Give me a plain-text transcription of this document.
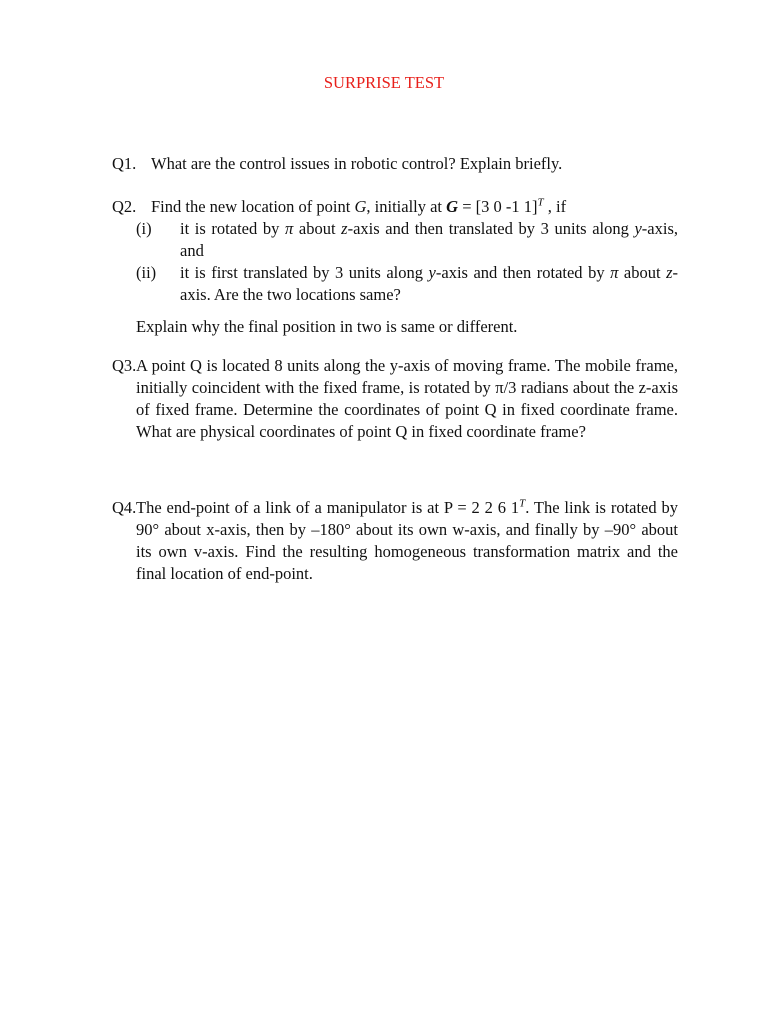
SURPRISE TEST
Q1. What are the control issues in robotic control? Explain briefly.
Q2. Find the new location of point G, initially at G = [3 0 -1 1]$^T$ , if
(i) it is rotated by π about z-axis and then translated by 3 units along y-axis, and
(ii) it is first translated by 3 units along y-axis and then rotated by π about z-axis. Are the two locations same?
Explain why the final position in two is same or different.
Q3. A point Q is located 8 units along the y-axis of moving frame. The mobile frame, initially coincident with the fixed frame, is rotated by π/3 radians about the z-axis of fixed frame. Determine the coordinates of point Q in fixed coordinate frame. What are physical coordinates of point Q in fixed coordinate frame?
Q4. The end-point of a link of a manipulator is at P = 2 2 6 $1^T$. The link is rotated by 90° about x-axis, then by –180° about its own w-axis, and finally by –90° about its own v-axis. Find the resulting homogeneous transformation matrix and the final location of end-point.
